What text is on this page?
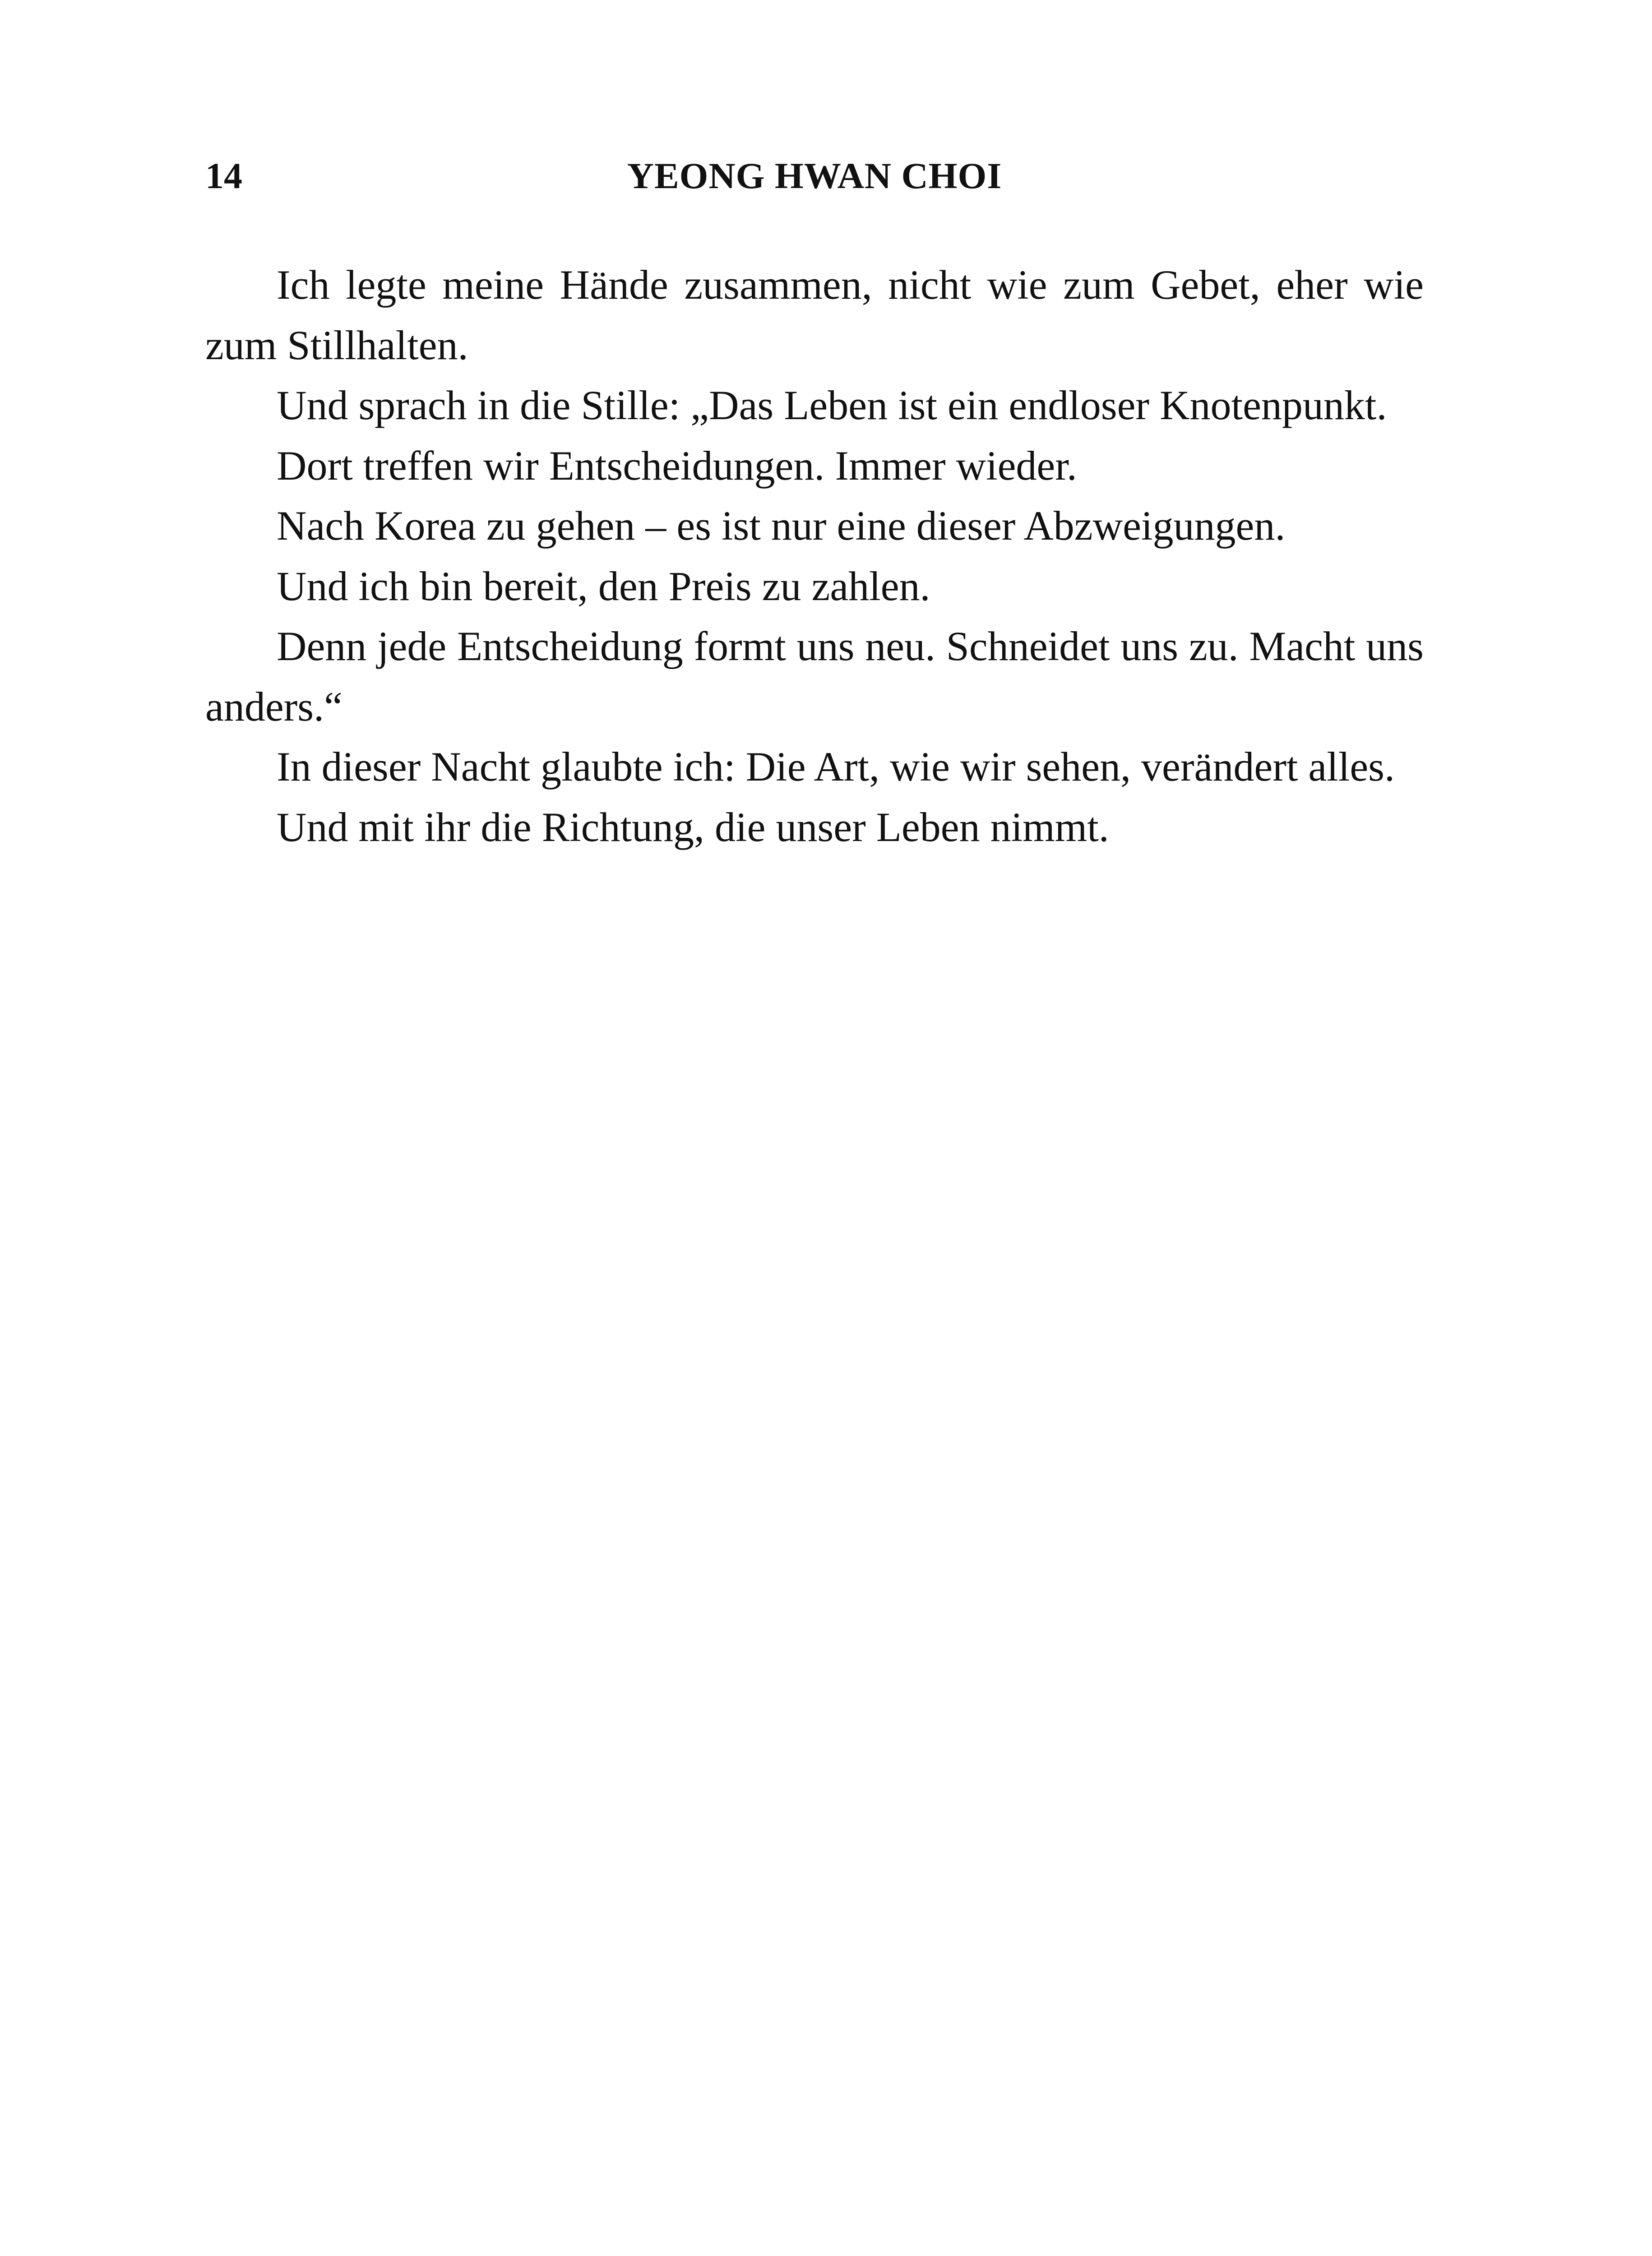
14	YEONG HWAN CHOI

Ich legte meine Hände zusammen, nicht wie zum Gebet, eher wie zum Stillhalten.

Und sprach in die Stille: „Das Leben ist ein endloser Knotenpunkt.

Dort treffen wir Entscheidungen. Immer wieder.

Nach Korea zu gehen – es ist nur eine dieser Abzweigungen.

Und ich bin bereit, den Preis zu zahlen.

Denn jede Entscheidung formt uns neu. Schneidet uns zu. Macht uns anders.“

In dieser Nacht glaubte ich: Die Art, wie wir sehen, verändert alles.

Und mit ihr die Richtung, die unser Leben nimmt.
